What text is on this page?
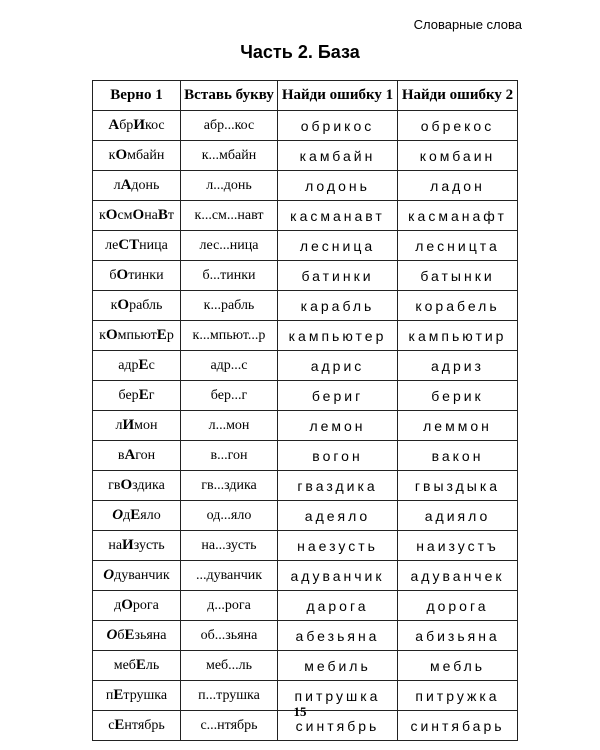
Словарные слова
Часть 2. База
Верно 1	Вставь букву	Найди ошибку 1	Найди ошибку 2
АбрИкос	абр...кос	обрикос	обрекос
кОмбайн	к...мбайн	камбайн	комбаин
лАдонь	л...донь	лодонь	ладон
кОсмОнаВт	к...см...навт	касманавт	касманафт
леСТница	лес...ница	лесница	лесницта
бОтинки	б...тинки	батинки	батынки
кОрабль	к...рабль	карабль	корабель
кОмпьютЕр	к...мпьют...р	кампьютер	кампьютир
адрЕс	адр...с	адрис	адриз
берЕг	бер...г	бериг	берик
лИмон	л...мон	лемон	леммон
вАгон	в...гон	вогон	вакон
гвОздика	гв...здика	гваздика	гвыздыка
ОдЕяло	од...яло	адеяло	адияло
наИзусть	на...зусть	наезусть	наизустъ
Одуванчик	...дуванчик	адуванчик	адуванчек
дОрога	д...рога	дарога	дорога
ОбЕзьяна	об...зьяна	абезьяна	абизьяна
мебЕль	меб...ль	мебиль	мебль
пЕтрушка	п...трушка	питрушка	питружка
сЕнтябрь	с...нтябрь	синтябрь	синтябарь
15
